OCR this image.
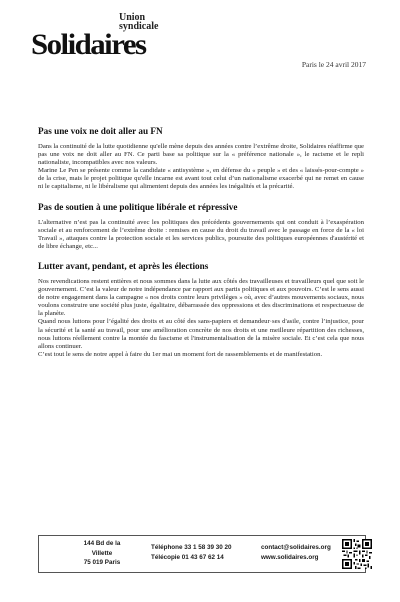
Union
syndicale
Solidaires
Paris le 24 avril 2017
Pas une voix ne doit aller au FN

Dans la continuité de la lutte quotidienne qu'elle mène depuis des années contre l’extrême droite, Solidaires réaffirme que pas une voix ne doit aller au FN. Ce parti base sa politique sur la « préférence nationale », le racisme et le repli nationaliste, incompatibles avec nos valeurs.

Marine Le Pen se présente comme la candidate « antisystème », en défense du « peuple » et des « laissés-pour-compte » de la crise, mais le projet politique qu'elle incarne est avant tout celui d’un nationalisme exacerbé qui ne remet en cause ni le capitalisme, ni le libéralisme qui alimentent depuis des années les inégalités et la précarité.

Pas de soutien à une politique libérale et répressive

L'alternative n’est pas la continuité avec les politiques des précédents gouvernements qui ont conduit à l’exaspération sociale et au renforcement de l’extrême droite : remises en cause du droit du travail avec le passage en force de la « loi Travail », attaques contre la protection sociale et les services publics, poursuite des politiques européennes d'austérité et de libre échange, etc...

Lutter avant, pendant, et après les élections

Nos revendications restent entières et nous sommes dans la lutte aux côtés des travailleuses et travailleurs quel que soit le gouvernement. C’est la valeur de notre indépendance par rapport aux partis politiques et aux pouvoirs. C’est le sens aussi de notre engagement dans la campagne « nos droits contre leurs privilèges » où, avec d’autres mouvements sociaux, nous voulons construire une société plus juste, égalitaire, débarrassée des oppressions et des discriminations et respectueuse de la planète.

Quand nous luttons pour l’égalité des droits et au côté des sans-papiers et demandeur·ses d'asile, contre l’injustice, pour la sécurité et la santé au travail, pour une amélioration concrète de nos droits et une meilleure répartition des richesses, nous luttons réellement contre la montée du fascisme et l'instrumentalisation de la misère sociale. Et c’est cela que nous allons continuer.

C’est tout le sens de notre appel à faire du 1er mai un moment fort de rassemblements et de manifestation.

144 Bd de la
Villette
75 019 Paris
Téléphone 33 1 58 39 30 20
Télécopie 01 43 67 62 14
contact@solidaires.org
www.solidaires.org
